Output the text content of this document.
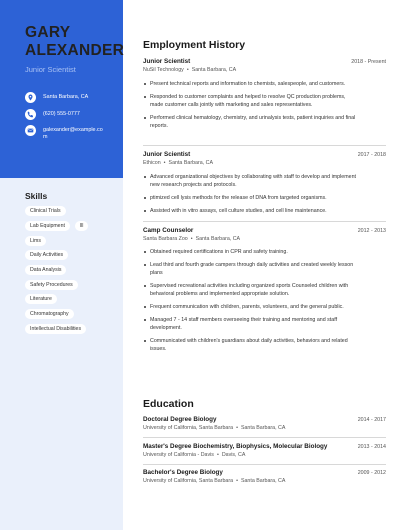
GARY
ALEXANDER
Junior Scientist
Santa Barbara, CA
(620) 555-0777
galexander@example.com
Skills
Clinical Trials
Lab Equipment	lll
Lims
Daily Activities
Data Analysis
Safety Procedures
Literature
Chromatography
Intellectual Disabilities
Employment History
Junior Scientist	2018 - Present
NuSil Technology • Santa Barbara, CA
Present technical reports and information to chemists, salespeople, and customers.
Responded to customer complaints and helped to resolve QC production problems, made customer calls jointly with marketing and sales representatives.
Performed clinical hematology, chemistry, and urinalysis tests, patient inquiries and final reports.
Junior Scientist	2017 - 2018
Ethicon • Santa Barbara, CA
Advanced organizational objectives by collaborating with staff to develop and implement new research projects and protocols.
ptimized cell lysis methods for the release of DNA from targeted organisms.
Assisted with in vitro assays, cell culture studies, and cell line maintenance.
Camp Counselor	2012 - 2013
Santa Barbara Zoo • Santa Barbara, CA
Obtained required certifications in CPR and safety training.
Lead third and fourth grade campers through daily activities and created weekly lesson plans
Supervised recreational activities including organized sports Counseled children with behavioral problems and implemented appropriate solution.
Frequent communication with children, parents, volunteers, and the general public.
Managed 7 - 14 staff members overseeing their training and mentoring and staff development.
Communicated with children's guardians about daily activities, behaviors and related issues.
Education
Doctoral Degree Biology	2014 - 2017
University of California, Santa Barbara • Santa Barbara, CA
Master's Degree Biochemistry, Biophysics, Molecular Biology	2013 - 2014
University of California - Davis • Davis, CA
Bachelor's Degree Biology	2009 - 2012
University of California, Santa Barbara • Santa Barbara, CA
